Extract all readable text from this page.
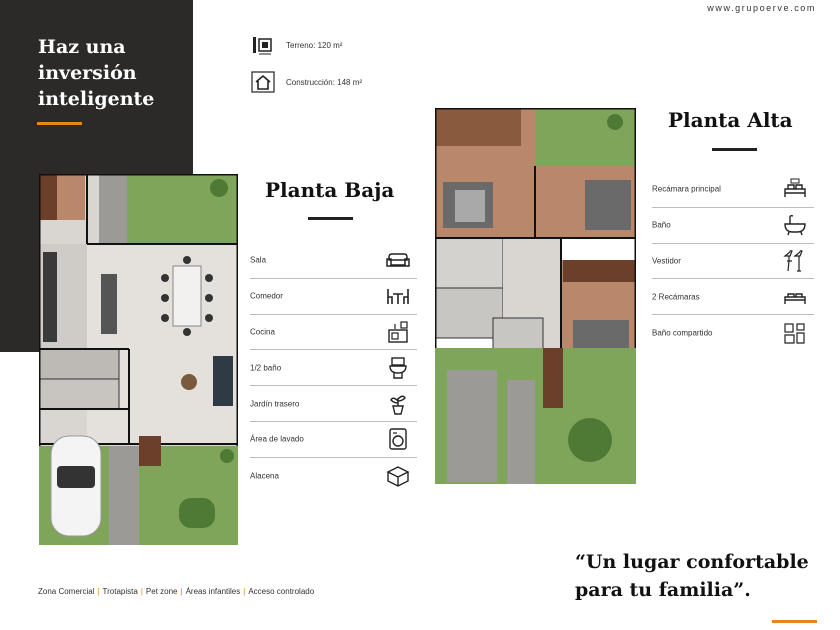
Haz una
inversión
inteligente
www.grupoerve.com
Terreno: 120 m²
Construcción: 148 m²
Planta Baja
Sala
Comedor
Cocina
1/2 baño
Jardín trasero
Área de lavado
Alacena
Planta Alta
Recámara principal
Baño
Vestidor
2 Recámaras
Baño compartido
Zona Comercial | Trotapista | Pet zone | Áreas infantiles | Acceso controlado
“Un lugar confortable
para tu familia”.
